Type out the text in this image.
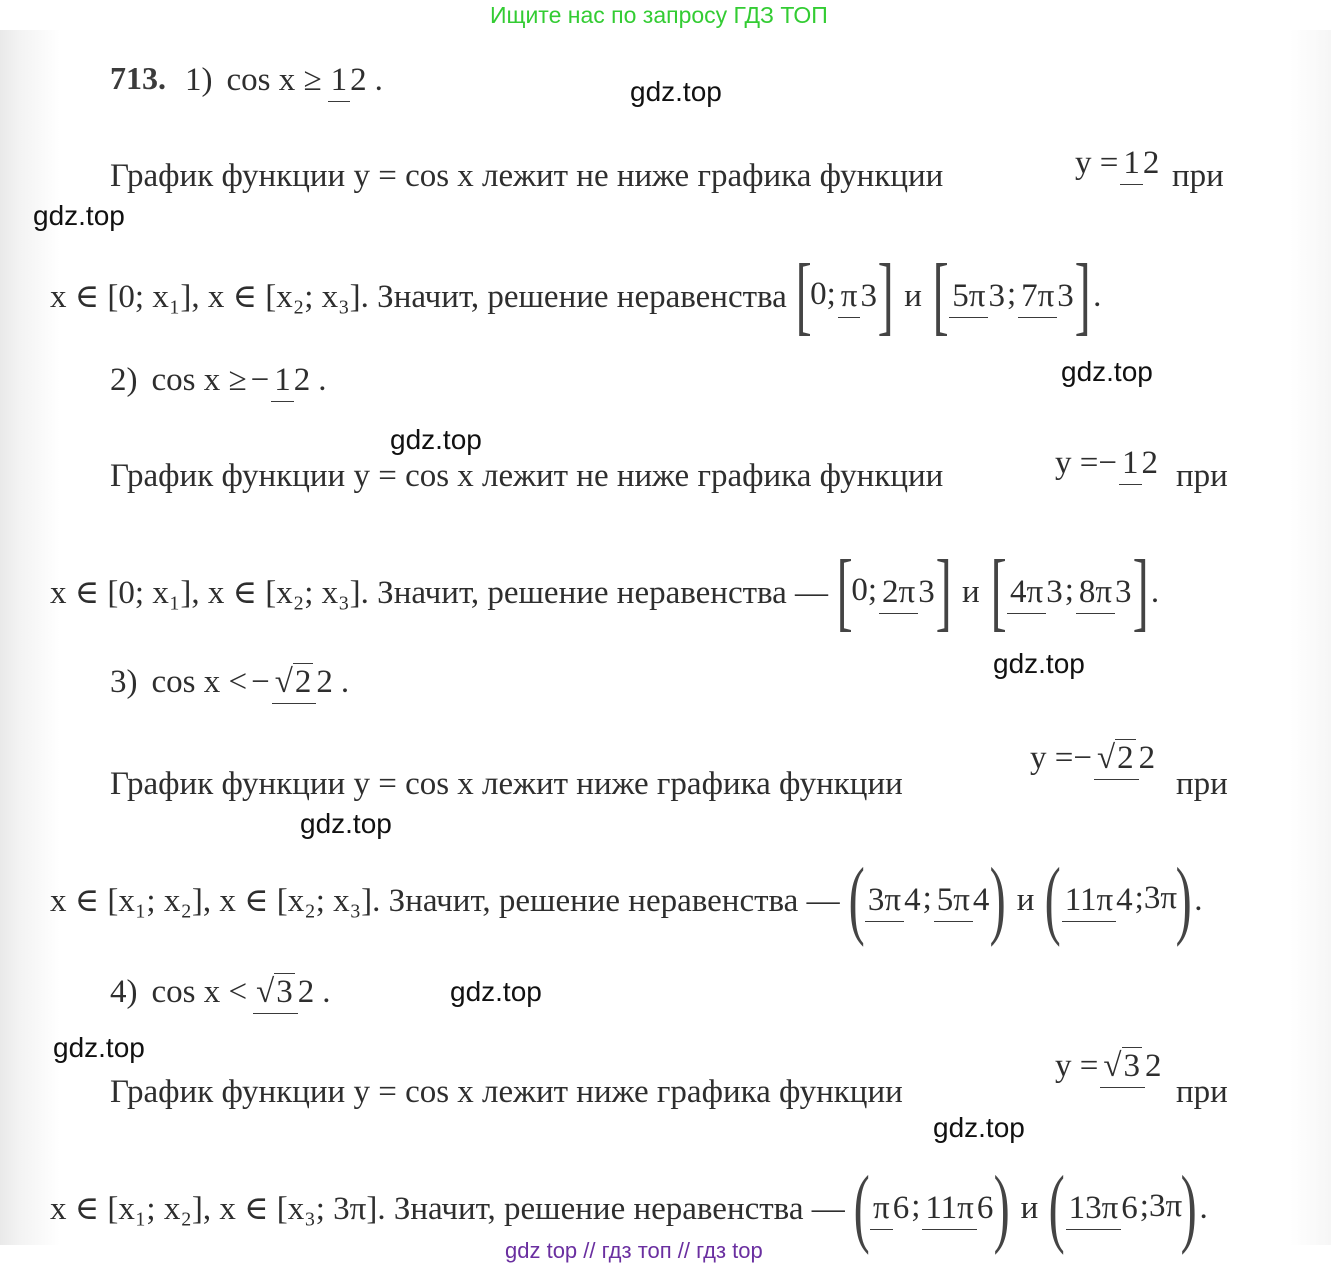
Ищите нас по запросу ГДЗ ТОП
713. 1) cos x ≥ 12 .
График функции y = cos x лежит не ниже графика функции	y = 12 при
x ∈ [0; x₁], x ∈ [x₂; x₃]. Значит, решение неравенства [0; π3] и [ 5π3; 7π3] .
2) cos x ≥ − 12 .
График функции y = cos x лежит не ниже графика функции	y = − 12 при
x ∈ [0; x₁], x ∈ [x₂; x₃]. Значит, решение неравенства — [0; 2π3] и [ 4π3; 8π3] .
3) cos x < − √2 2 .
График функции y = cos x лежит ниже графика функции
y = − √2 2
при
x ∈ [x₁; x₂], x ∈ [x₂; x₃]. Значит, решение неравенства — ( 3π4; 5π4) и ( 11π4;3π) .
4) cos x < √3 2 .
График функции y = cos x лежит ниже графика функции
y = √3 2
при
x ∈ [x₁; x₂], x ∈ [x₃; 3π]. Значит, решение неравенства — ( π6; 11π6) и ( 13π6;3π) .
gdz.top
gdz.top
gdz.top
gdz.top
gdz.top
gdz.top
gdz.top
gdz.top
gdz.top
gdz top // гдз топ // гдз top
